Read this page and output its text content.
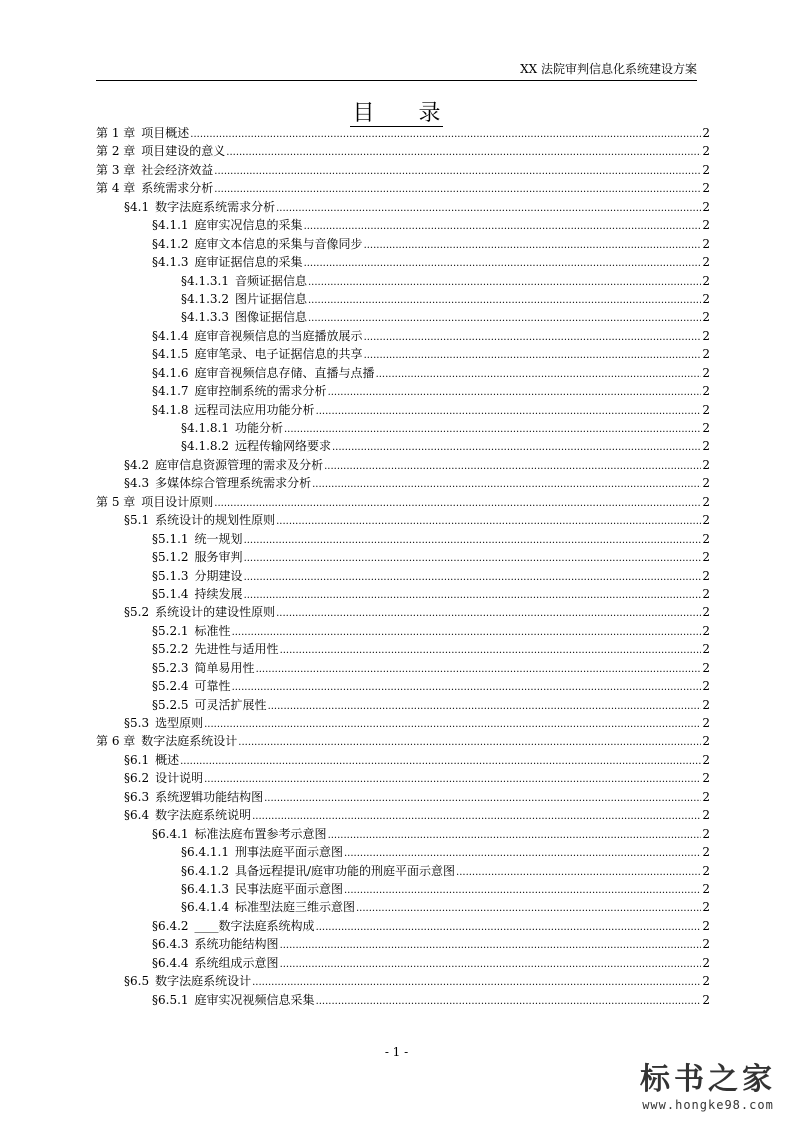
XX 法院审判信息化系统建设方案
目　　录
第 1 章 项目概述 .....	2
第 2 章 项目建设的意义 .....	2
第 3 章 社会经济效益 .....	2
第 4 章 系统需求分析 .....	2
§4.1 数字法庭系统需求分析 .....	2
§4.1.1 庭审实况信息的采集 .....	2
§4.1.2 庭审文本信息的采集与音像同步 .....	2
§4.1.3 庭审证据信息的采集 .....	2
§4.1.3.1 音频证据信息 .....	2
§4.1.3.2 图片证据信息 .....	2
§4.1.3.3 图像证据信息 .....	2
§4.1.4 庭审音视频信息的当庭播放展示 .....	2
§4.1.5 庭审笔录、电子证据信息的共享 .....	2
§4.1.6 庭审音视频信息存储、直播与点播 .....	2
§4.1.7 庭审控制系统的需求分析 .....	2
§4.1.8 远程司法应用功能分析 .....	2
§4.1.8.1 功能分析 .....	2
§4.1.8.2 远程传输网络要求 .....	2
§4.2 庭审信息资源管理的需求及分析 .....	2
§4.3 多媒体综合管理系统需求分析 .....	2
第 5 章 项目设计原则 .....	2
§5.1 系统设计的规划性原则 .....	2
§5.1.1 统一规划 .....	2
§5.1.2 服务审判 .....	2
§5.1.3 分期建设 .....	2
§5.1.4 持续发展 .....	2
§5.2 系统设计的建设性原则 .....	2
§5.2.1 标准性 .....	2
§5.2.2 先进性与适用性 .....	2
§5.2.3 简单易用性 .....	2
§5.2.4 可靠性 .....	2
§5.2.5 可灵活扩展性 .....	2
§5.3 选型原则 .....	2
第 6 章 数字法庭系统设计 .....	2
§6.1 概述 .....	2
§6.2 设计说明 .....	2
§6.3 系统逻辑功能结构图 .....	2
§6.4 数字法庭系统说明 .....	2
§6.4.1 标准法庭布置参考示意图 .....	2
§6.4.1.1 刑事法庭平面示意图 .....	2
§6.4.1.2 具备远程提讯/庭审功能的刑庭平面示意图 .....	2
§6.4.1.3 民事法庭平面示意图 .....	2
§6.4.1.4 标准型法庭三维示意图 .....	2
§6.4.2 ____数字法庭系统构成 .....	2
§6.4.3 系统功能结构图 .....	2
§6.4.4 系统组成示意图 .....	2
§6.5 数字法庭系统设计 .....	2
§6.5.1 庭审实况视频信息采集 .....	2
- 1 -
标书之家
www.hongke98.com
